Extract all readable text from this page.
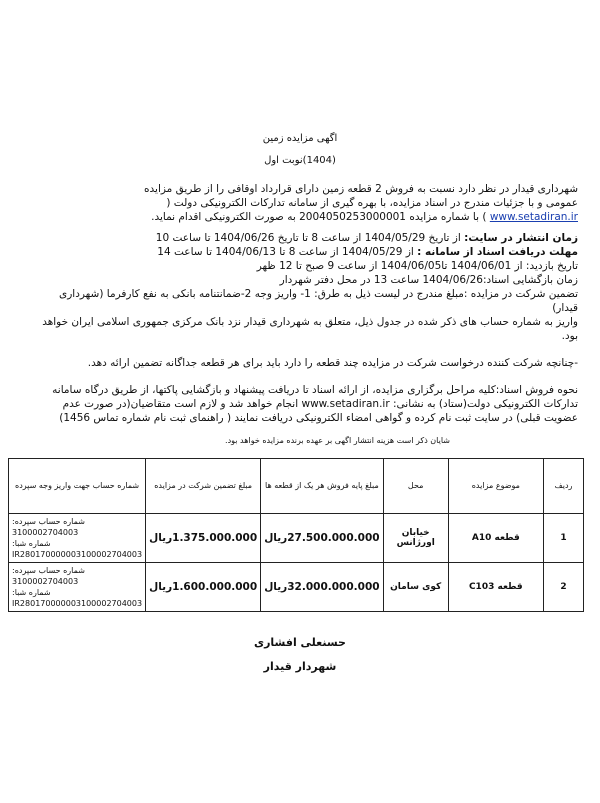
اگهی مزایده زمین
(1404)نوبت اول
شهرداری قیدار در نظر دارد نسبت به فروش 2 قطعه زمین دارای قرارداد اوقافی را از طریق مزایده
عمومی و با جزئیات مندرج در اسناد مزایده، با بهره گیری از سامانه تدارکات الکترونیکی دولت (
www.setadiran.ir ) با شماره مزایده 2004050253000001 به صورت الکترونیکی اقدام نماید.
زمان انتشار در سایت: از تاریخ 1404/05/29 از ساعت 8 تا تاریخ 1404/06/26 تا ساعت 10
مهلت دریافت اسناد از سامانه : از 1404/05/29 از ساعت 8 تا 1404/06/13 تا ساعت 14
تاریخ بازدید: از 1404/06/01 تا1404/06/05 از ساعت 9 صبح تا 12 ظهر
زمان بازگشایی اسناد:1404/06/26 ساعت 13 در محل دفتر شهردار
تضمین شرکت در مزایده :مبلغ مندرج در لیست ذیل به طرق: 1- واریز وجه 2-ضمانتنامه بانکی به نفع کارفرما (شهرداری
قیدار)
واریز به شماره حساب های ذکر شده در جدول ذیل، متعلق به شهرداری قیدار نزد بانک مرکزی جمهوری اسلامی ایران خواهد
بود.
-چنانچه شرکت کننده درخواست شرکت در مزایده چند قطعه را دارد باید برای هر قطعه جداگانه تضمین ارائه دهد.
نحوه فروش اسناد:کلیه مراحل برگزاری مزایده، از ارائه اسناد تا دریافت پیشنهاد و بازگشایی پاکتها، از طریق درگاه سامانه
تدارکات الکترونیکی دولت(ستاد) به نشانی: www.setadiran.ir انجام خواهد شد و لازم است متقاضیان(در صورت عدم
عضویت قبلی) در سایت ثبت نام کرده و گواهی امضاء الکترونیکی دریافت نمایند ( راهنمای ثبت نام شماره تماس 1456)
شایان ذکر است هزینه انتشار اگهی بر عهده برنده مزایده خواهد بود.
ردیف	موضوع مزایده	محل	مبلغ پایه فروش هر یک از قطعه ها	مبلغ تضمین شرکت در مزایده	شماره حساب جهت واریز وجه سپرده
1	قطعه A10	خیابان اورژانس	27.500.000.000ریال	1.375.000.000ریال	شماره حساب سپرده:
3100002704003
شماره شبا:
IR280170000003100002704003

2	قطعه C103	کوی سامان	32.000.000.000ریال	1.600.000.000ریال	شماره حساب سپرده:
3100002704003
شماره شبا:
IR280170000003100002704003
حسنعلی افشاری
شهردار قیدار
